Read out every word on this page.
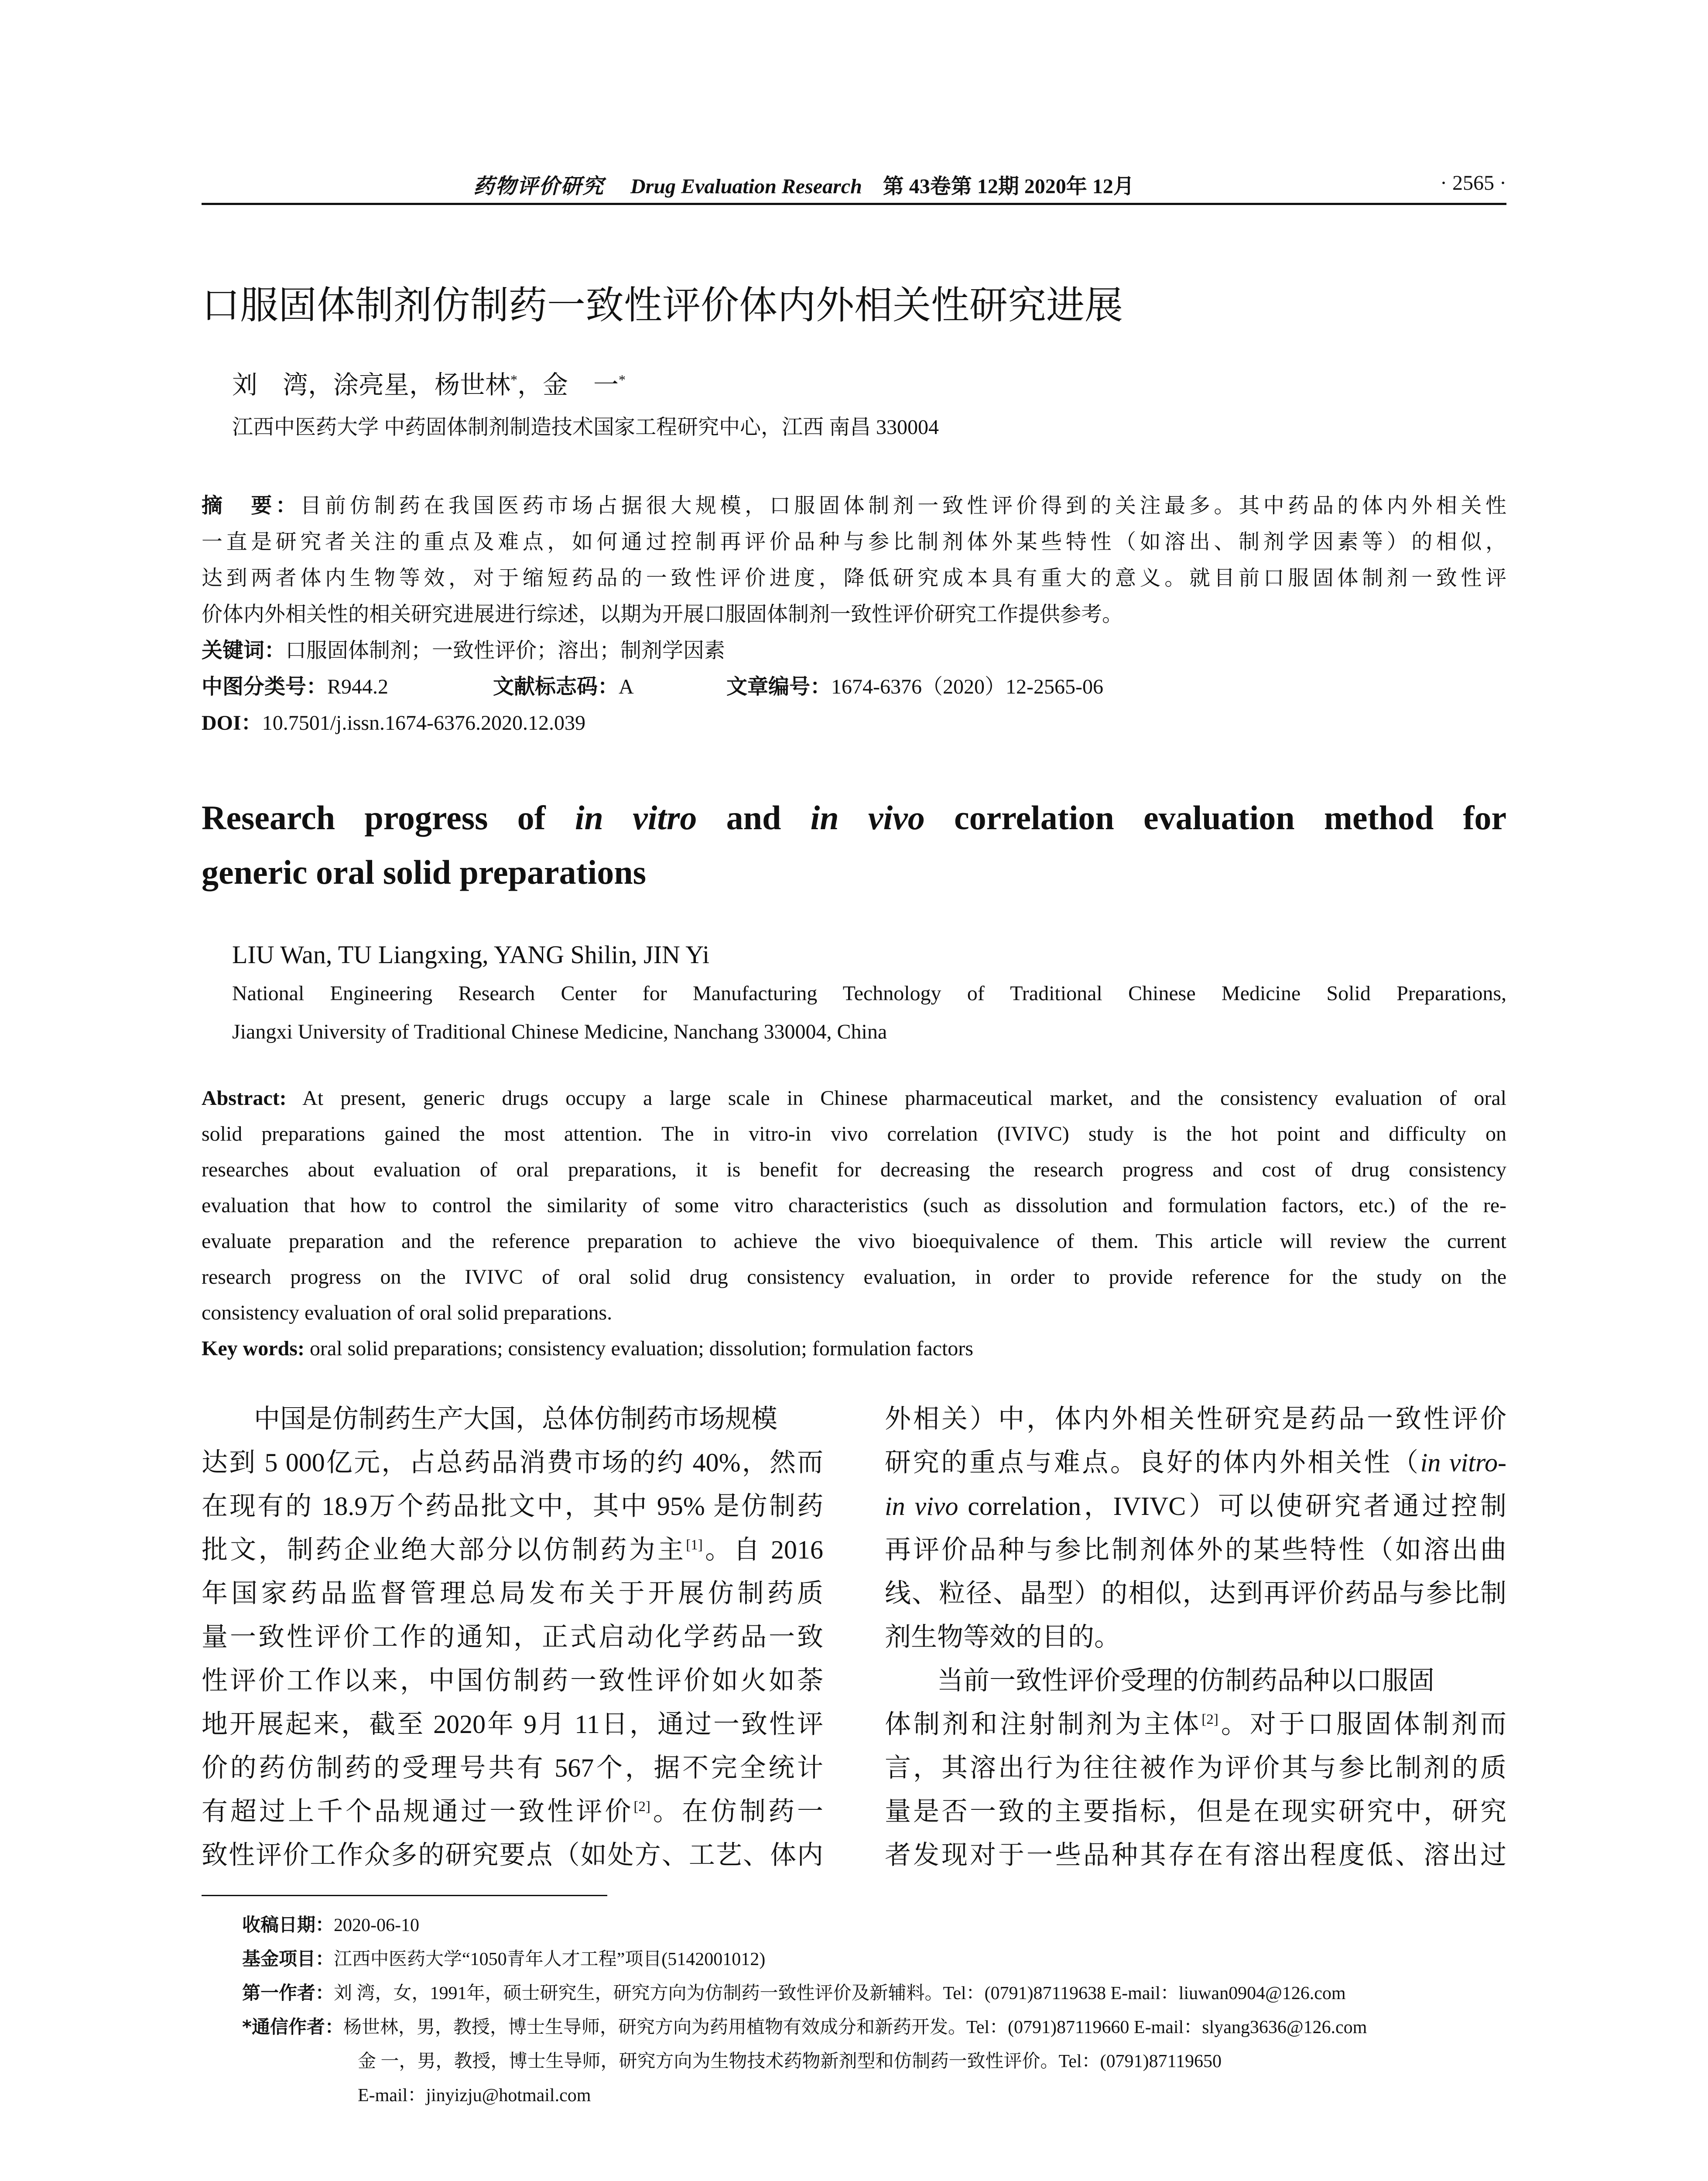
药物评价研究 Drug Evaluation Research 第 43卷第 12期 2020年 12月	· 2565 ·
口服固体制剂仿制药一致性评价体内外相关性研究进展
刘　湾，涂亮星，杨世林*，金　一*
江西中医药大学 中药固体制剂制造技术国家工程研究中心，江西 南昌 330004
摘　要：目前仿制药在我国医药市场占据很大规模，口服固体制剂一致性评价得到的关注最多。其中药品的体内外相关性
一直是研究者关注的重点及难点，如何通过控制再评价品种与参比制剂体外某些特性（如溶出、制剂学因素等）的相似，
达到两者体内生物等效，对于缩短药品的一致性评价进度，降低研究成本具有重大的意义。就目前口服固体制剂一致性评
价体内外相关性的相关研究进展进行综述，以期为开展口服固体制剂一致性评价研究工作提供参考。
关键词：口服固体制剂；一致性评价；溶出；制剂学因素
中图分类号：R944.2	文献标志码：A	文章编号：1674-6376（2020）12-2565-06
DOI：10.7501/j.issn.1674-6376.2020.12.039
Research progress of in vitro and in vivo correlation evaluation method for
generic oral solid preparations
LIU Wan, TU Liangxing, YANG Shilin, JIN Yi
National Engineering Research Center for Manufacturing Technology of Traditional Chinese Medicine Solid Preparations,
Jiangxi University of Traditional Chinese Medicine, Nanchang 330004, China
Abstract: At present, generic drugs occupy a large scale in Chinese pharmaceutical market, and the consistency evaluation of oral
solid preparations gained the most attention. The in vitro-in vivo correlation (IVIVC) study is the hot point and difficulty on
researches about evaluation of oral preparations, it is benefit for decreasing the research progress and cost of drug consistency
evaluation that how to control the similarity of some vitro characteristics (such as dissolution and formulation factors, etc.) of the re-
evaluate preparation and the reference preparation to achieve the vivo bioequivalence of them. This article will review the current
research progress on the IVIVC of oral solid drug consistency evaluation, in order to provide reference for the study on the
consistency evaluation of oral solid preparations.
Key words: oral solid preparations; consistency evaluation; dissolution; formulation factors
　　中国是仿制药生产大国，总体仿制药市场规模
达到 5 000亿元，占总药品消费市场的约 40%，然而
在现有的 18.9万个药品批文中，其中 95% 是仿制药
批文，制药企业绝大部分以仿制药为主[1]。自 2016
年国家药品监督管理总局发布关于开展仿制药质
量一致性评价工作的通知，正式启动化学药品一致
性评价工作以来，中国仿制药一致性评价如火如荼
地开展起来，截至 2020年 9月 11日，通过一致性评
价的药仿制药的受理号共有 567个，据不完全统计
有超过上千个品规通过一致性评价[2]。在仿制药一
致性评价工作众多的研究要点（如处方、工艺、体内
外相关）中，体内外相关性研究是药品一致性评价
研究的重点与难点。良好的体内外相关性（in vitro-
in vivo correlation，IVIVC）可以使研究者通过控制
再评价品种与参比制剂体外的某些特性（如溶出曲
线、粒径、晶型）的相似，达到再评价药品与参比制
剂生物等效的目的。
　　当前一致性评价受理的仿制药品种以口服固
体制剂和注射制剂为主体[2]。对于口服固体制剂而
言，其溶出行为往往被作为评价其与参比制剂的质
量是否一致的主要指标，但是在现实研究中，研究
者发现对于一些品种其存在有溶出程度低、溶出过
收稿日期：2020-06-10
基金项目：江西中医药大学“1050青年人才工程”项目(5142001012)
第一作者：刘 湾，女，1991年，硕士研究生，研究方向为仿制药一致性评价及新辅料。Tel：(0791)87119638 E-mail：liuwan0904@126.com
*通信作者：杨世林，男，教授，博士生导师，研究方向为药用植物有效成分和新药开发。Tel：(0791)87119660 E-mail：slyang3636@126.com
金 一，男，教授，博士生导师，研究方向为生物技术药物新剂型和仿制药一致性评价。Tel：(0791)87119650
E-mail：jinyizju@hotmail.com
